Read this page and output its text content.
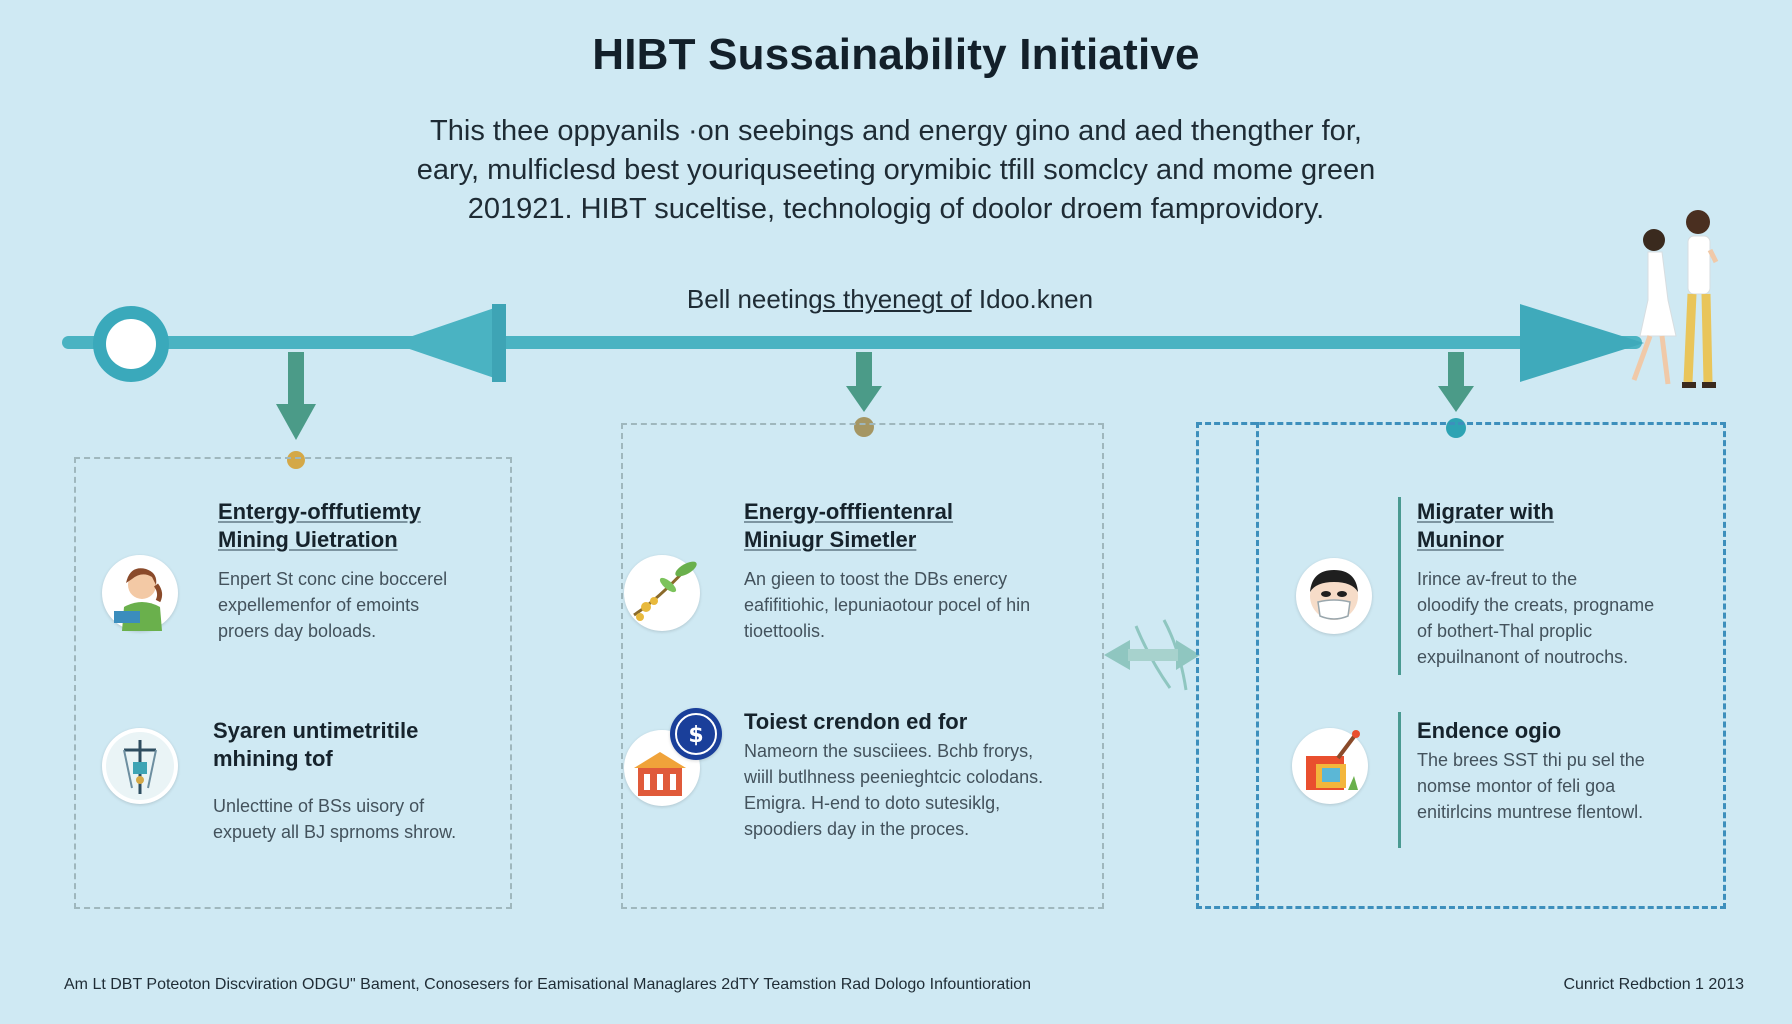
HIBT Sussainability Initiative
This thee oppyanils ·οn seebings and energy gino and aed thengther for,
eary, mulficlesd best youriquseeting orymibic tfill somclcy and mome green
201921. HIBT suceltise, technologig of doolor droem famprovidory.
Bell neetings thyenegt of Idoo.knen
Entergy-offfutiemty
Mining Uietration
Enpert St conc cine boccerel
expellemenfor of emoints
proers day boloads.
Syaren untimetritile
mhining tof
Unlecttine of BSs uisory of
expuety all BJ sprnoms shrow.
Energy-offfientenral
Miniugr Simetler
An gieen to toost the DBs enercy
eafifitiohic, lepuniaotour pocel of hin
tioettoolis.
$
Toiest crendon ed for
Nameorn the susciiees. Bchb frorys,
wiill butlhness peenieghtcic colodans.
Emigra. H-end to doto sutesiklg,
spoodiers day in the proces.
Migrater with
Muninor
Irince av-freut to the
oloodify the creats, progname
of bothert-Thal proplic
expuilnanont of noutrochs.
Endence ogio
The brees SST thi pu sel the
nomse montor of feli goa
enitirlcins muntrese flentowl.
Am Lt DBT Poteoton Discviration ODGU" Bament, Conosesers for Eamisational Managlares 2dTY Teamstion Rad Dologo Infountioration	Cunrict Redbction 1 2013
